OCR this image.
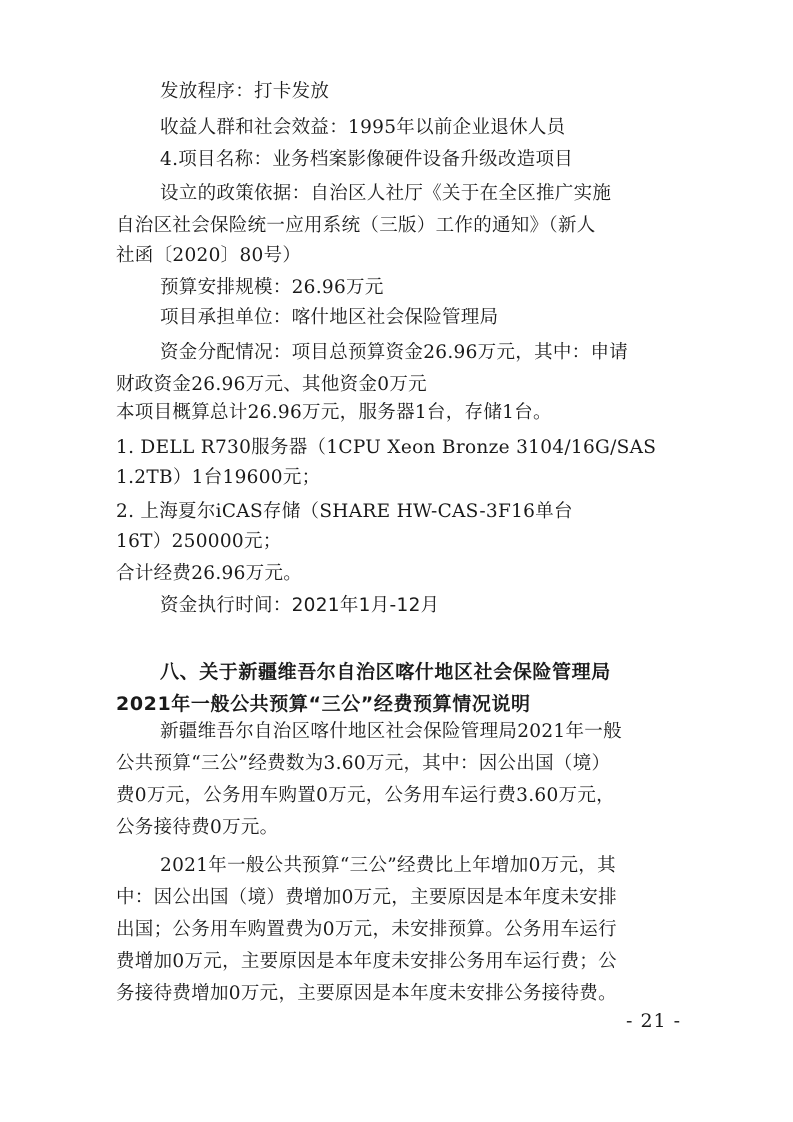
发放程序：打卡发放
收益人群和社会效益：1995年以前企业退休人员
4.项目名称：业务档案影像硬件设备升级改造项目
设立的政策依据：自治区人社厅《关于在全区推广实施
自治区社会保险统一应用系统（三版）工作的通知》（新人
社函〔2020〕80号）
预算安排规模：26.96万元
项目承担单位：喀什地区社会保险管理局
资金分配情况：项目总预算资金26.96万元，其中：申请
财政资金26.96万元、其他资金0万元
本项目概算总计26.96万元，服务器1台，存储1台。
1. DELL R730服务器（1CPU Xeon Bronze 3104/16G/SAS
1.2TB）1台19600元；
2. 上海夏尔iCAS存储（SHARE HW-CAS-3F16单台
16T）250000元；
合计经费26.96万元。
资金执行时间：2021年1月-12月
八、关于新疆维吾尔自治区喀什地区社会保险管理局
2021年一般公共预算“三公”经费预算情况说明
新疆维吾尔自治区喀什地区社会保险管理局2021年一般
公共预算“三公”经费数为3.60万元，其中：因公出国（境）
费0万元，公务用车购置0万元，公务用车运行费3.60万元，
公务接待费0万元。
2021年一般公共预算“三公”经费比上年增加0万元，其
中：因公出国（境）费增加0万元，主要原因是本年度未安排
出国；公务用车购置费为0万元，未安排预算。公务用车运行
费增加0万元，主要原因是本年度未安排公务用车运行费；公
务接待费增加0万元，主要原因是本年度未安排公务接待费。
- 21 -
